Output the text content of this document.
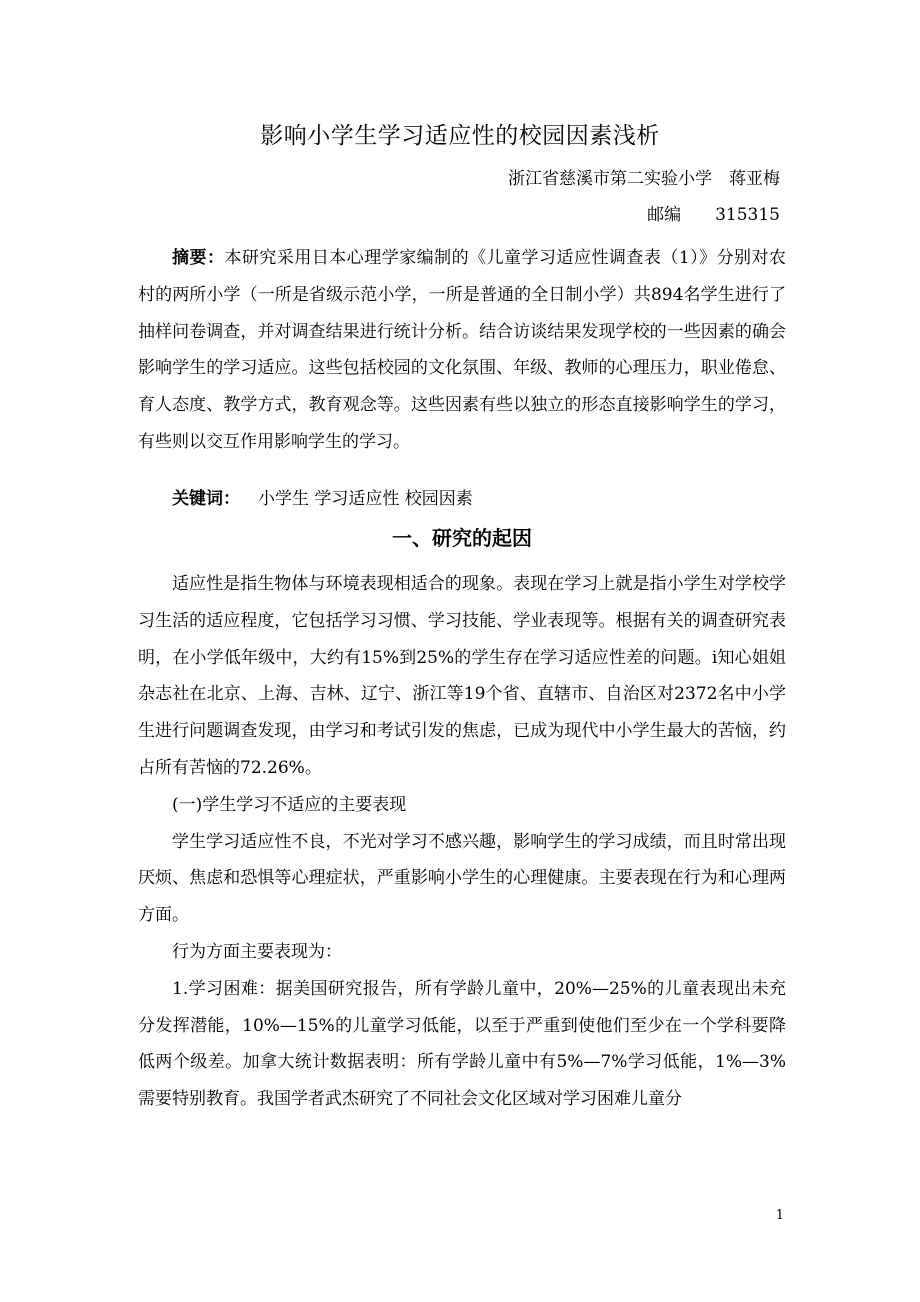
影响小学生学习适应性的校园因素浅析
浙江省慈溪市第二实验小学　蒋亚梅
邮编 315315

摘要：本研究采用日本心理学家编制的《儿童学习适应性调查表（1）》分别对农村的两所小学（一所是省级示范小学，一所是普通的全日制小学）共894名学生进行了抽样问卷调查，并对调查结果进行统计分析。结合访谈结果发现学校的一些因素的确会影响学生的学习适应。这些包括校园的文化氛围、年级、教师的心理压力，职业倦怠、育人态度、教学方式，教育观念等。这些因素有些以独立的形态直接影响学生的学习，有些则以交互作用影响学生的学习。

关键词： 小学生 学习适应性 校园因素

一、研究的起因

适应性是指生物体与环境表现相适合的现象。表现在学习上就是指小学生对学校学习生活的适应程度，它包括学习习惯、学习技能、学业表现等。根据有关的调查研究表明，在小学低年级中，大约有15%到25%的学生存在学习适应性差的问题。i知心姐姐杂志社在北京、上海、吉林、辽宁、浙江等19个省、直辖市、自治区对2372名中小学生进行问题调查发现，由学习和考试引发的焦虑，已成为现代中小学生最大的苦恼，约占所有苦恼的72.26%。

(一)学生学习不适应的主要表现

学生学习适应性不良，不光对学习不感兴趣，影响学生的学习成绩，而且时常出现厌烦、焦虑和恐惧等心理症状，严重影响小学生的心理健康。主要表现在行为和心理两方面。

行为方面主要表现为：

1.学习困难：据美国研究报告，所有学龄儿童中，20%—25%的儿童表现出未充分发挥潜能，10%—15%的儿童学习低能，以至于严重到使他们至少在一个学科要降低两个级差。加拿大统计数据表明：所有学龄儿童中有5%—7%学习低能，1%—3%需要特别教育。我国学者武杰研究了不同社会文化区域对学习困难儿童分

1
